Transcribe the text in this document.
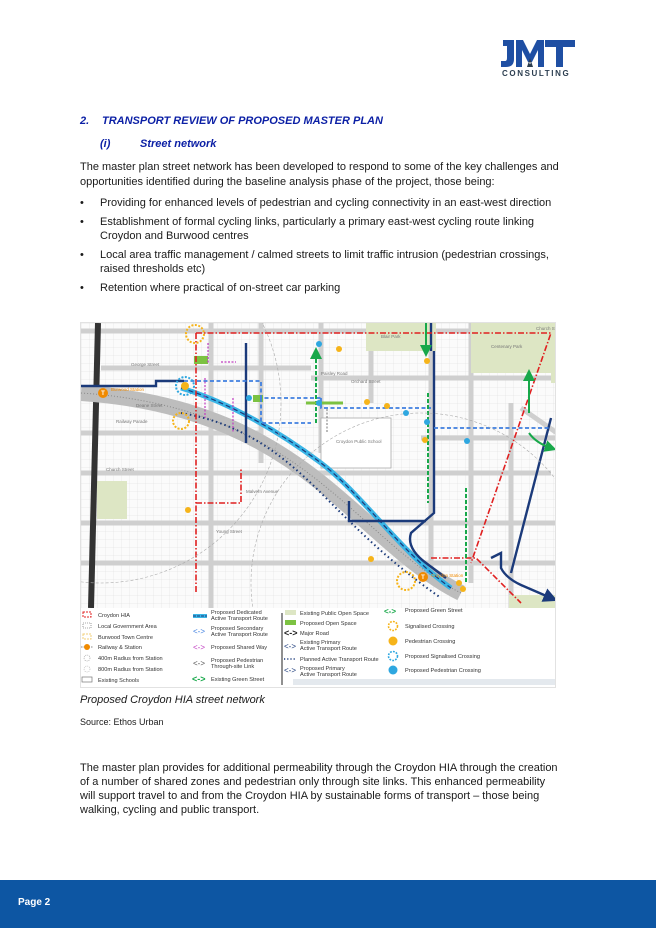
CONSULTING
2. TRANSPORT REVIEW OF PROPOSED MASTER PLAN
(i)	Street network

The master plan street network has been developed to respond to some of the key challenges and opportunities identified during the baseline analysis phase of the project, those being:

• Providing for enhanced levels of pedestrian and cycling connectivity in an east-west direction
• Establishment of formal cycling links, particularly a primary east-west cycling route linking Croydon and Burwood centres
• Local area traffic management / calmed streets to limit traffic intrusion (pedestrian crossings, raised thresholds etc)
• Retention where practical of on-street car parking
T
Burwood Station
T Croydon Station
George Street
Deane Street
Railway Parade
Church Street
Paisley Road
Church St
Orchard Street
Malvern Avenue
Young Street
Croydon Public School
Centenary Park
Blair Park
Croydon HIA
Local Government Area
Burwood Town Centre
Railway & Station
400m Radius from Station
800m Radius from Station
Existing Schools
Proposed Dedicated
Active Transport Route
<-> Proposed Secondary
Active Transport Route
<-> Proposed Shared Way
<-> Proposed Pedestrian
Through-site Link
<-> Existing Green Street
Existing Public Open Space
Proposed Open Space
<-> Major Road
<-> Existing Primary
Active Transport Route
Planned Active Transport Route
<-> Proposed Primary
Active Transport Route
<-> Proposed Green Street
Signalised Crossing
Pedestrian Crossing
Proposed Signalised Crossing
Proposed Pedestrian Crossing
Proposed Croydon HIA street network
Source: Ethos Urban

The master plan provides for additional permeability through the Croydon HIA through the creation of a number of shared zones and pedestrian only through site links. This enhanced permeability will support travel to and from the Croydon HIA by sustainable forms of transport – those being walking, cycling and public transport.

Page 2
